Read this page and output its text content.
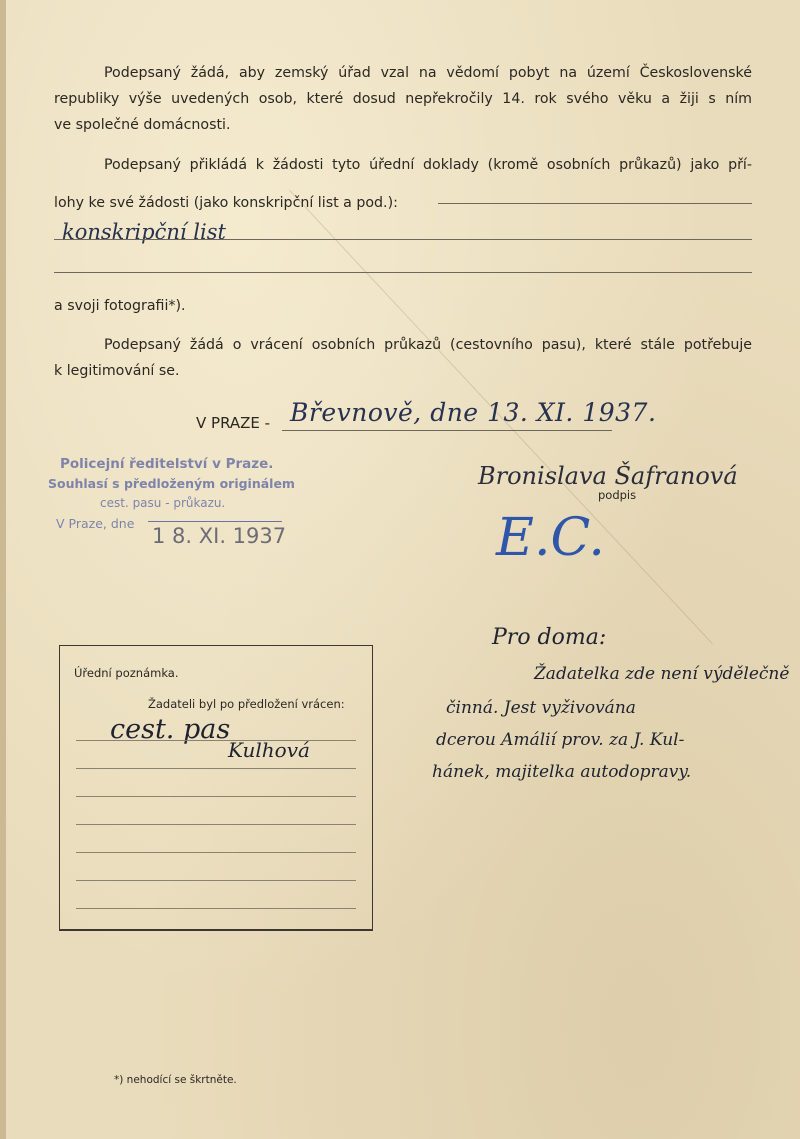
Podepsaný žádá, aby zemský úřad vzal na vědomí pobyt na území Československé
republiky výše uvedených osob, které dosud nepřekročily 14. rok svého věku a žiji s ním
ve společné domácnosti.
Podepsaný přikládá k žádosti tyto úřední doklady (kromě osobních průkazů) jako pří-
lohy ke své žádosti (jako konskripční list a pod.):
konskripční list
a svoji fotografii*).
Podepsaný žádá o vrácení osobních průkazů (cestovního pasu), které stále potřebuje
k legitimování se.
V PRAZE - Břevnově, dne 13. XI. 1937.
Policejní ředitelství v Praze.
Souhlasí s předloženým originálem
cest. pasu - průkazu.
V Praze, dne
1 8. XI. 1937
Bronislava Šafranová
podpis
E.C.
Úřední poznámka.
Žadateli byl po předložení vrácen:
cest. pas
Kulhová
Pro doma:
Žadatelka zde není výdělečně
činná. Jest vyživována
dcerou Amálií prov. za J. Kul-
hánek, majitelka autodopravy.
*) nehodící se škrtněte.
